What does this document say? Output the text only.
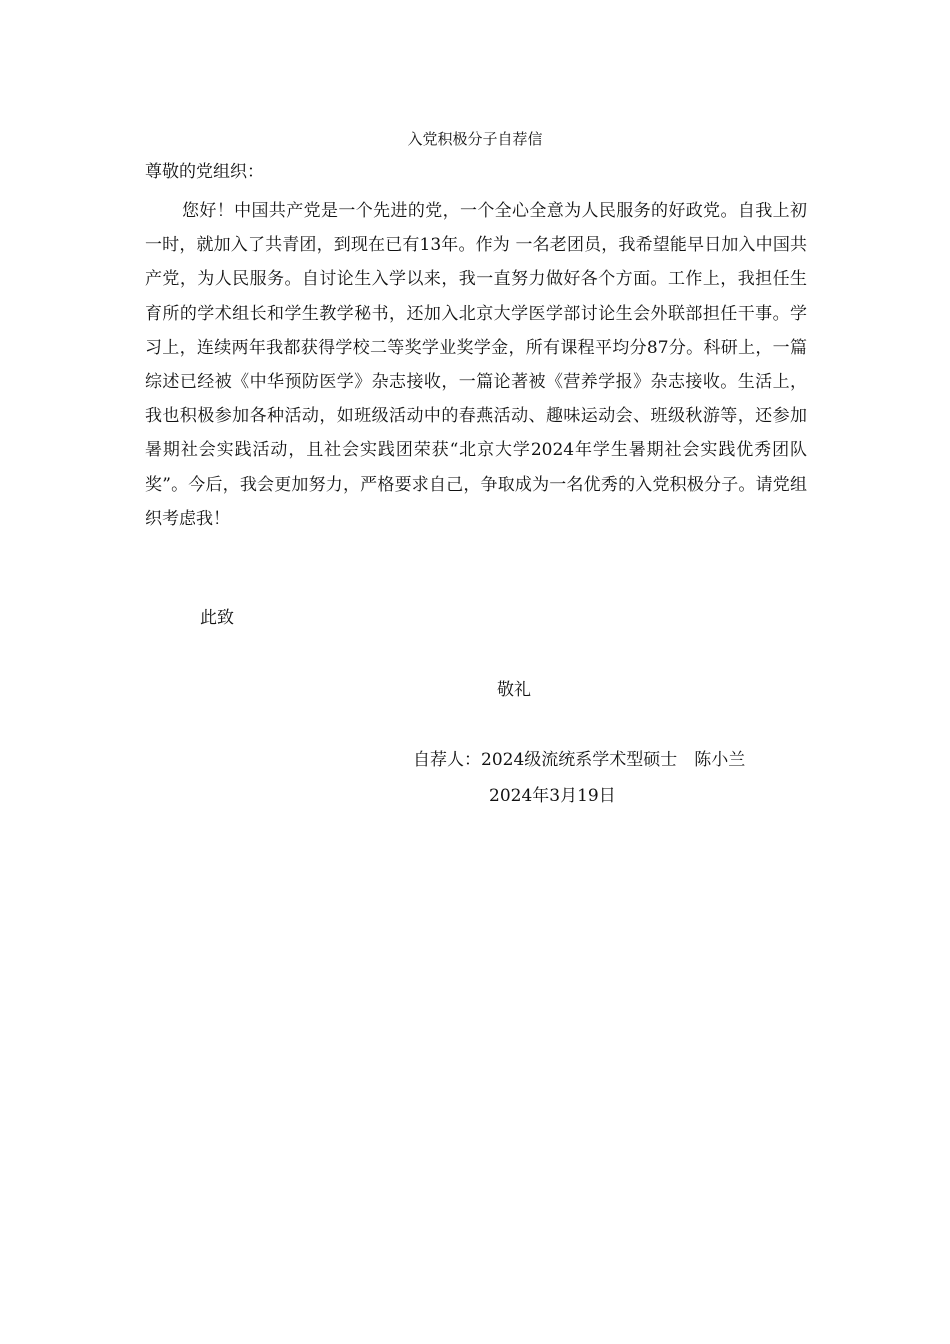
入党积极分子自荐信
尊敬的党组织：

您好！中国共产党是一个先进的党，一个全心全意为人民服务的好政党。自我上初一时，就加入了共青团，到现在已有13年。作为 一名老团员，我希望能早日加入中国共产党，为人民服务。自讨论生入学以来，我一直努力做好各个方面。工作上，我担任生育所的学术组长和学生教学秘书，还加入北京大学医学部讨论生会外联部担任干事。学习上，连续两年我都获得学校二等奖学业奖学金，所有课程平均分87分。科研上，一篇综述已经被《中华预防医学》杂志接收，一篇论著被《营养学报》杂志接收。生活上，我也积极参加各种活动，如班级活动中的春燕活动、趣味运动会、班级秋游等，还参加暑期社会实践活动，且社会实践团荣获“北京大学2024年学生暑期社会实践优秀团队奖”。今后，我会更加努力，严格要求自己，争取成为一名优秀的入党积极分子。请党组织考虑我！

此致
敬礼
自荐人：2024级流统系学术型硕士　陈小兰
2024年3月19日
